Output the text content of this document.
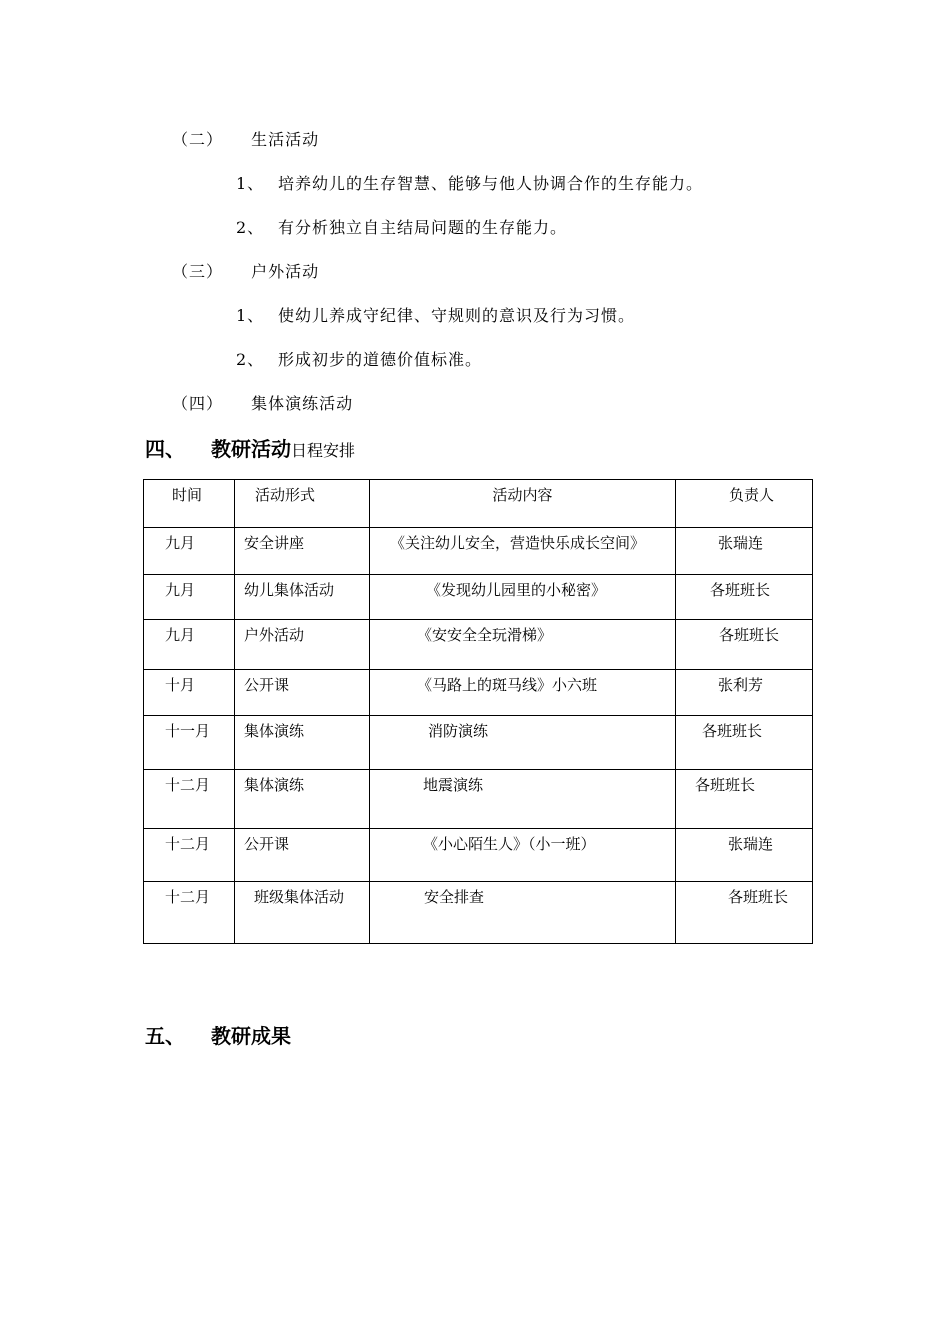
（二） 生活活动
1、 培养幼儿的生存智慧、能够与他人协调合作的生存能力。
2、 有分析独立自主结局问题的生存能力。
（三） 户外活动
1、 使幼儿养成守纪律、守规则的意识及行为习惯。
2、 形成初步的道德价值标准。
（四） 集体演练活动
四、 教研活动日程安排
时间	活动形式	活动内容	负责人
九月	安全讲座	《关注幼儿安全，营造快乐成长空间》	张瑞连
九月	幼儿集体活动	《发现幼儿园里的小秘密》	各班班长
九月	户外活动	《安安全全玩滑梯》	各班班长
十月	公开课	《马路上的斑马线》小六班	张利芳
十一月	集体演练	消防演练	各班班长
十二月	集体演练	地震演练	各班班长
十二月	公开课	《小心陌生人》（小一班）	张瑞连
十二月	班级集体活动	安全排查	各班班长
五、 教研成果
